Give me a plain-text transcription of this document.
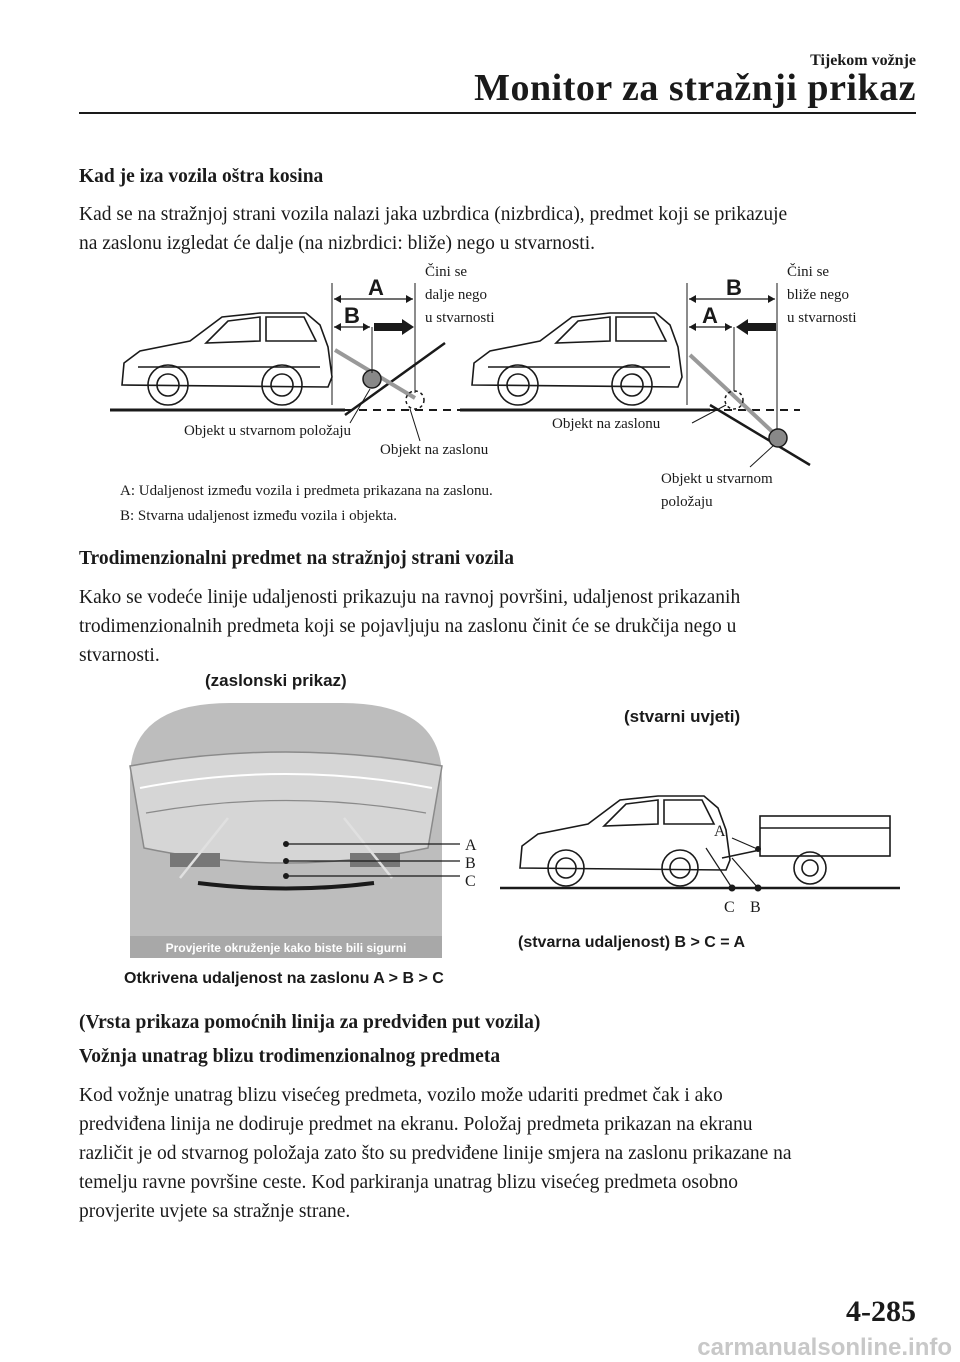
Tijekom vožnje
Monitor za stražnji prikaz
Kad je iza vozila oštra kosina
Kad se na stražnjoj strani vozila nalazi jaka uzbrdica (nizbrdica), predmet koji se prikazuje
na zaslonu izgledat će dalje (na nizbrdici: bliže) nego u stvarnosti.
A
B
Čini se
dalje nego
u stvarnosti
Objekt u stvarnom položaju
Objekt na zaslonu
B
A
Čini se
bliže nego
u stvarnosti
Objekt na zaslonu
Objekt u stvarnom
položaju
A: Udaljenost između vozila i predmeta prikazana na zaslonu.
B: Stvarna udaljenost između vozila i objekta.
Trodimenzionalni predmet na stražnjoj strani vozila
Kako se vodeće linije udaljenosti prikazuju na ravnoj površini, udaljenost prikazanih
trodimenzionalnih predmeta koji se pojavljuju na zaslonu činit će se drukčija nego u
stvarnosti.
(zaslonski prikaz)
A
B
C
Provjerite okruženje kako biste bili sigurni
Otkrivena udaljenost na zaslonu A > B > C
(stvarni uvjeti)
A
C B
(stvarna udaljenost) B > C = A
(Vrsta prikaza pomoćnih linija za predviđen put vozila)
Vožnja unatrag blizu trodimenzionalnog predmeta
Kod vožnje unatrag blizu visećeg predmeta, vozilo može udariti predmet čak i ako
predviđena linija ne dodiruje predmet na ekranu. Položaj predmeta prikazan na ekranu
različit je od stvarnog položaja zato što su predviđene linije smjera na zaslonu prikazane na
temelju ravne površine ceste. Kod parkiranja unatrag blizu visećeg predmeta osobno
provjerite uvjete sa stražnje strane.
4-285
carmanualsonline.info
